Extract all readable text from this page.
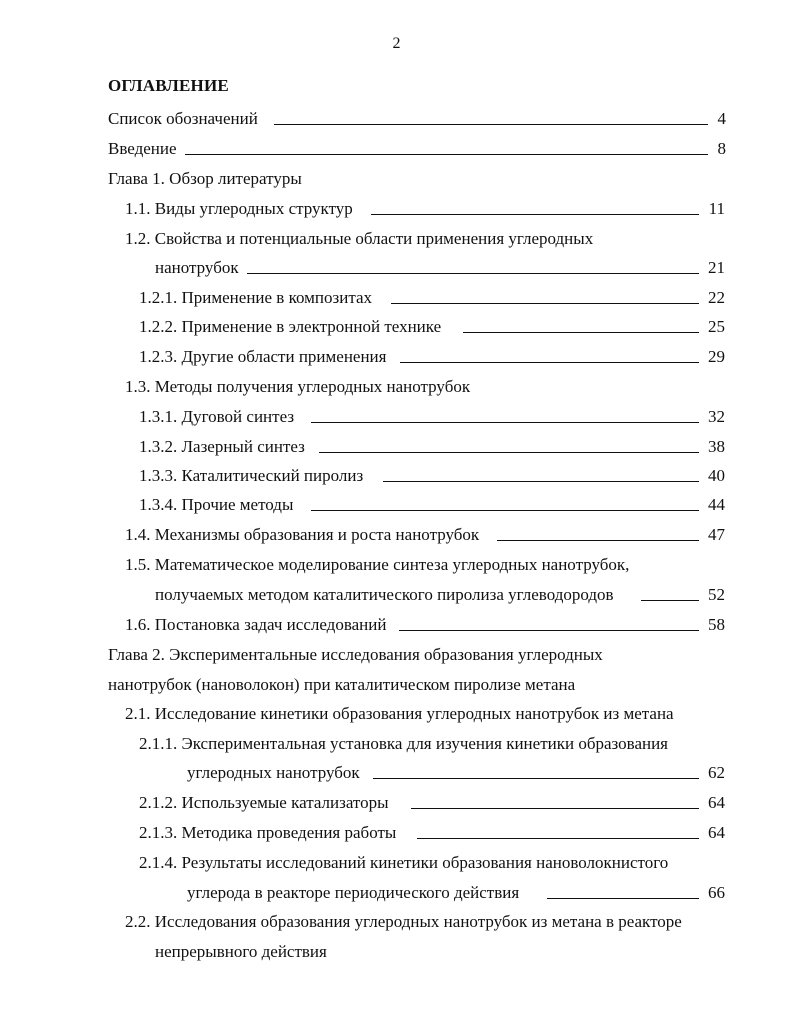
2
ОГЛАВЛЕНИЕ
Список обозначений	4
Введение	8
Глава 1. Обзор литературы
1.1. Виды углеродных структур	11
1.2. Свойства и потенциальные области применения углеродных
нанотрубок	21
1.2.1. Применение в композитах	22
1.2.2. Применение в электронной технике	25
1.2.3. Другие области применения	29
1.3. Методы получения углеродных нанотрубок
1.3.1. Дуговой синтез	32
1.3.2. Лазерный синтез	38
1.3.3. Каталитический пиролиз	40
1.3.4. Прочие методы	44
1.4. Механизмы образования и роста нанотрубок	47
1.5. Математическое моделирование синтеза углеродных нанотрубок,
получаемых методом каталитического пиролиза углеводородов	52
1.6. Постановка задач исследований	58
Глава 2. Экспериментальные исследования образования углеродных
нанотрубок (нановолокон) при каталитическом пиролизе метана
2.1. Исследование кинетики образования углеродных нанотрубок из метана
2.1.1. Экспериментальная установка для изучения кинетики образования
углеродных нанотрубок	62
2.1.2. Используемые катализаторы	64
2.1.3. Методика проведения работы	64
2.1.4. Результаты исследований кинетики образования нановолокнистого
углерода в реакторе периодического действия	66
2.2. Исследования образования углеродных нанотрубок из метана в реакторе
непрерывного действия
